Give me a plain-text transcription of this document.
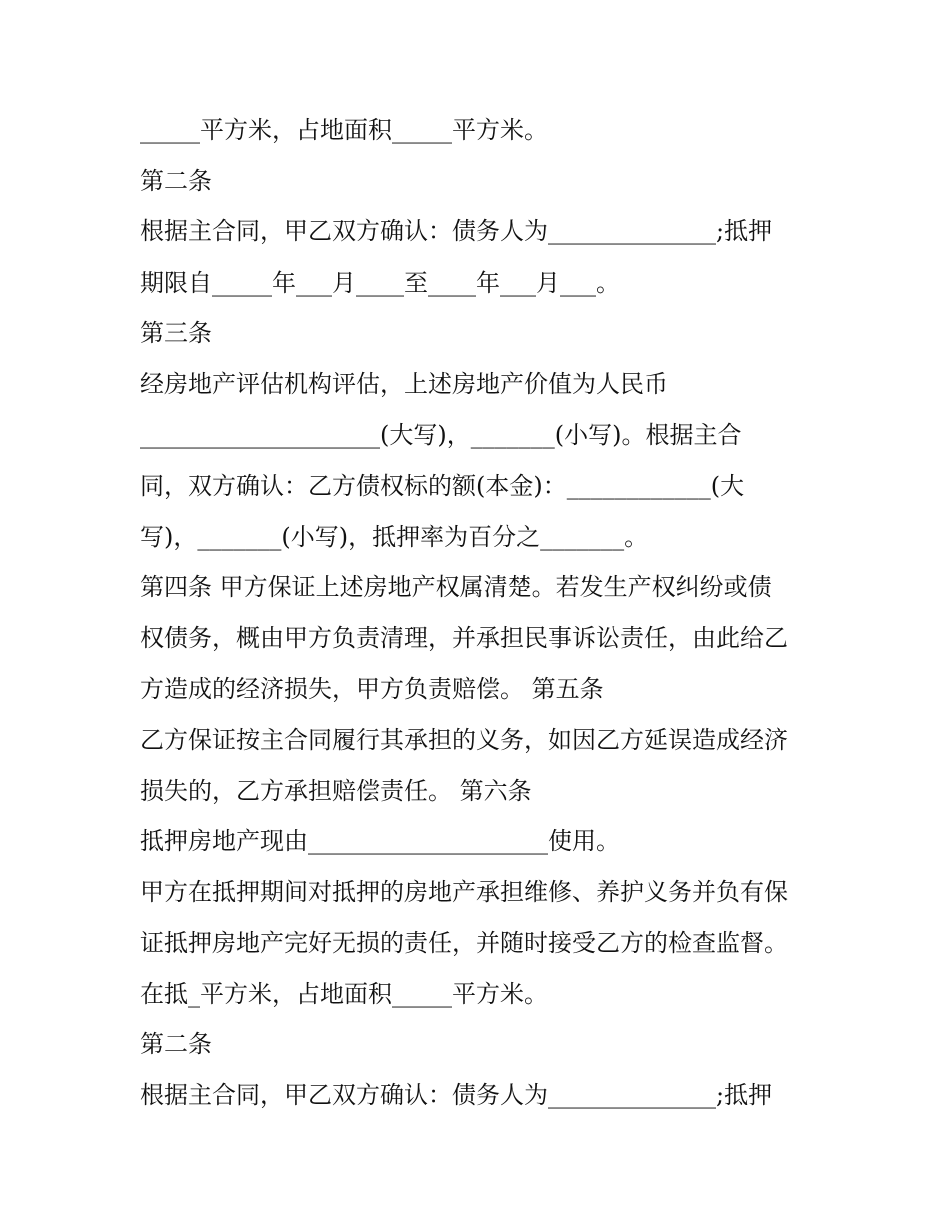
_____平方米，占地面积_____平方米。

第二条

根据主合同，甲乙双方确认：债务人为______________;抵押

期限自_____年___月____至____年___月___。

第三条

经房地产评估机构评估，上述房地产价值为人民币

____________________(大写)，_______(小写)。根据主合

同，双方确认：乙方债权标的额(本金)：____________(大

写)，_______(小写)，抵押率为百分之_______。

第四条 甲方保证上述房地产权属清楚。若发生产权纠纷或债

权债务，概由甲方负责清理，并承担民事诉讼责任，由此给乙

方造成的经济损失，甲方负责赔偿。 第五条

乙方保证按主合同履行其承担的义务，如因乙方延误造成经济

损失的，乙方承担赔偿责任。 第六条

抵押房地产现由____________________使用。

甲方在抵押期间对抵押的房地产承担维修、养护义务并负有保

证抵押房地产完好无损的责任，并随时接受乙方的检查监督。

在抵_平方米，占地面积_____平方米。

第二条

根据主合同，甲乙双方确认：债务人为______________;抵押
